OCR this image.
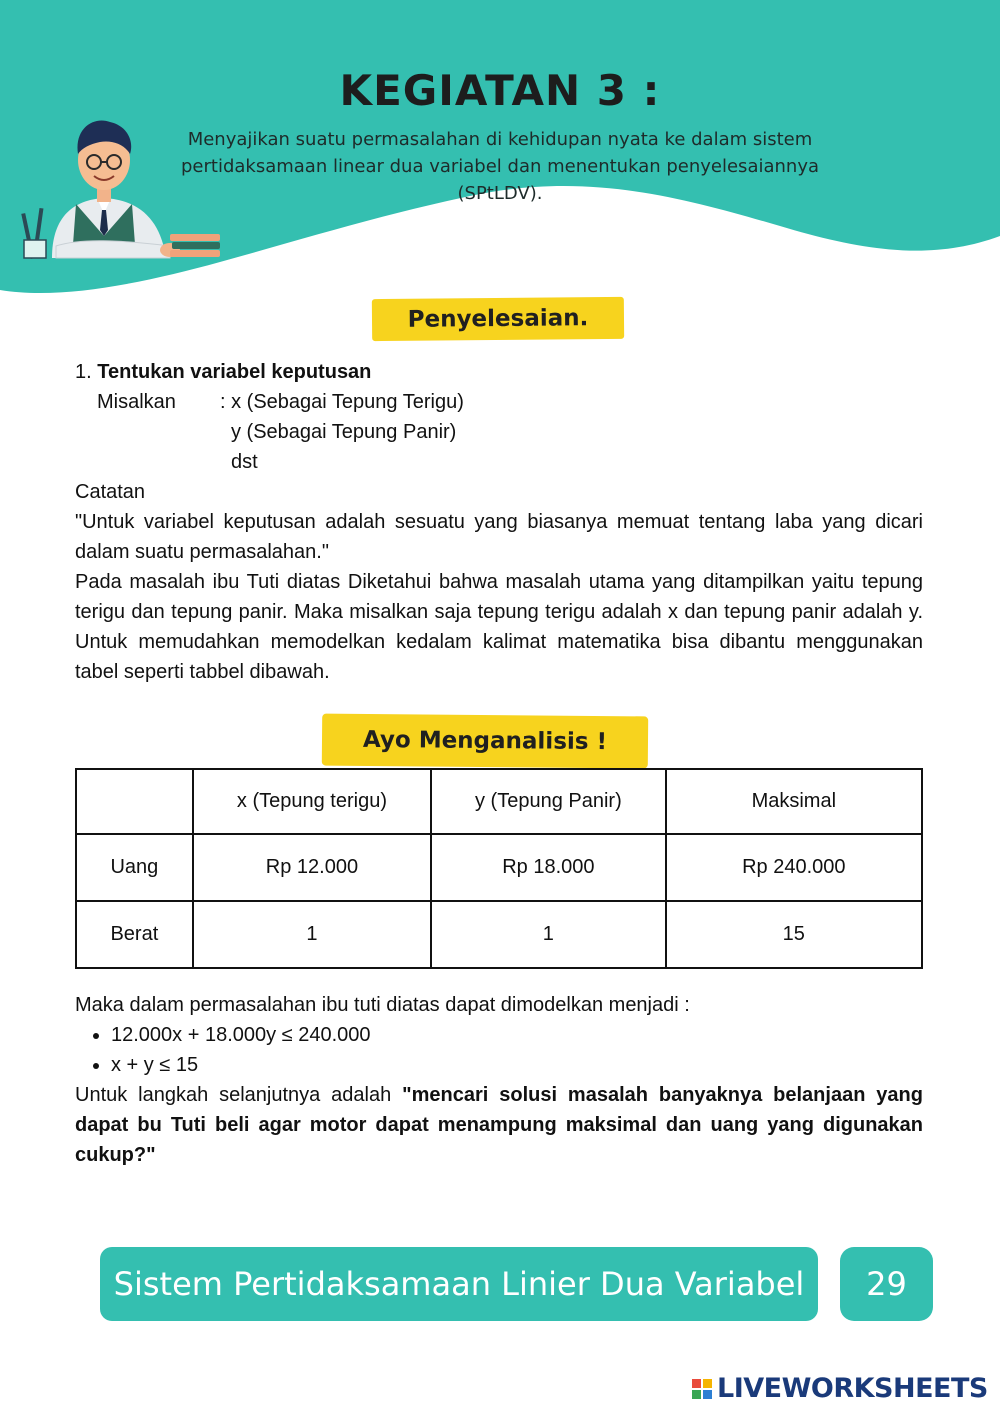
KEGIATAN 3 :
Menyajikan suatu permasalahan di kehidupan nyata ke dalam sistem pertidaksamaan linear dua variabel dan menentukan penyelesaiannya (SPtLDV).
Penyelesaian.
1. Tentukan variabel keputusan
Misalkan	: x (Sebagai Tepung Terigu)
y (Sebagai Tepung Panir)
dst
Catatan

"Untuk variabel keputusan adalah sesuatu yang biasanya memuat tentang laba yang dicari dalam suatu permasalahan."

Pada masalah ibu Tuti diatas Diketahui bahwa masalah utama yang ditampilkan yaitu tepung terigu dan tepung panir. Maka misalkan saja tepung terigu adalah x dan tepung panir adalah y. Untuk memudahkan memodelkan kedalam kalimat matematika bisa dibantu menggunakan tabel seperti tabbel dibawah.

Ayo Menganalisis !
	x (Tepung terigu)	y (Tepung Panir)	Maksimal
Uang	Rp 12.000	Rp 18.000	Rp 240.000
Berat	1	1	15
Maka dalam permasalahan ibu tuti diatas dapat dimodelkan menjadi :
• 12.000x + 18.000y ≤ 240.000
• x + y ≤ 15

Untuk langkah selanjutnya adalah "mencari solusi masalah banyaknya belanjaan yang dapat bu Tuti beli agar motor dapat menampung maksimal dan uang yang digunakan cukup?"

Sistem Pertidaksamaan Linier Dua Variabel	29
LIVEWORKSHEETS
